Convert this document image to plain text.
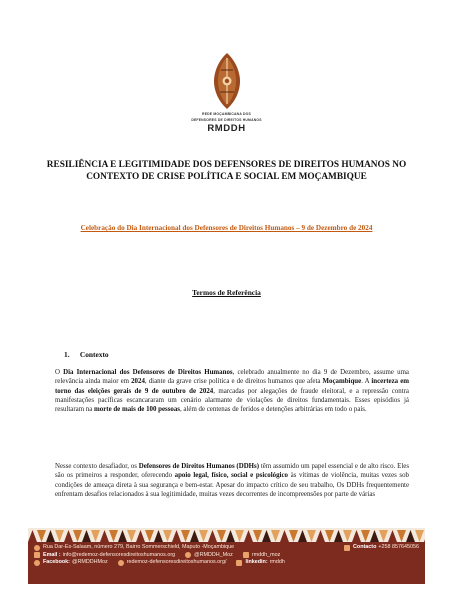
REDE MOÇAMBICANA DOS
DEFENSORES DE DIREITOS HUMANOS
RMDDH
RESILIÊNCIA E LEGITIMIDADE DOS DEFENSORES DE DIREITOS HUMANOS NO CONTEXTO DE CRISE POLÍTICA E SOCIAL EM MOÇAMBIQUE
Celebração do Dia Internacional dos Defensores de Direitos Humanos – 9 de Dezembro de 2024
Termos de Referência
1. Contexto
O Dia Internacional dos Defensores de Direitos Humanos, celebrado anualmente no dia 9 de Dezembro, assume uma relevância ainda maior em 2024, diante da grave crise política e de direitos humanos que afeta Moçambique. A incerteza em torno das eleições gerais de 9 de outubro de 2024, marcadas por alegações de fraude eleitoral, e a repressão contra manifestações pacíficas escancararam um cenário alarmante de violações de direitos fundamentais. Esses episódios já resultaram na morte de mais de 100 pessoas, além de centenas de feridos e detenções arbitrárias em todo o país.
Nesse contexto desafiador, os Defensores de Direitos Humanos (DDHs) têm assumido um papel essencial e de alto risco. Eles são os primeiros a responder, oferecendo apoio legal, físico, social e psicológico às vítimas de violência, muitas vezes sob condições de ameaça direta à sua segurança e bem-estar. Apesar do impacto crítico de seu trabalho, Os DDHs frequentemente enfrentam desafios relacionados à sua legitimidade, muitas vezes decorrentes de incompreensões por parte de várias
Rua Dar-Es-Salaam, número 279, Bairro Sommerschield, Maputo -Moçambique	Contacto +258 857645056
Email : info@redemoz-defensoresdireitoshumanos.org	@RMDDH_Moz	rmddh_moz
Facebook: @RMDDHMoz	redemoz-defensoresdireitoshumanos.org/	linkedin: rmddh
